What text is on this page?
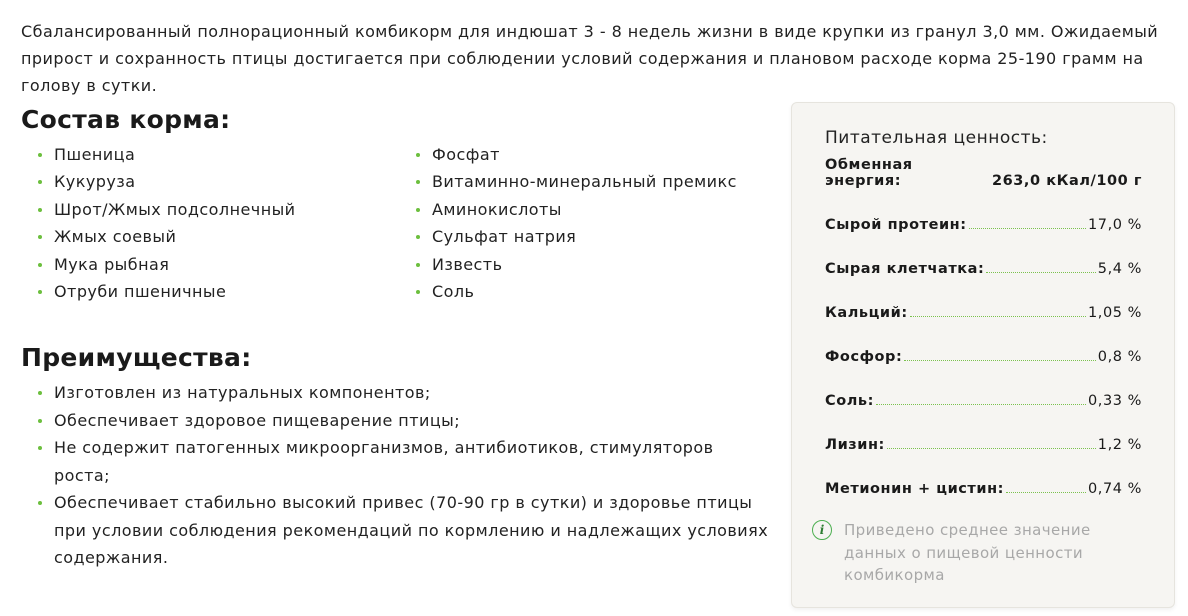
Сбалансированный полнорационный комбикорм для индюшат 3 - 8 недель жизни в виде крупки из гранул 3,0 мм. Ожидаемый прирост и сохранность птицы достигается при соблюдении условий содержания и плановом расходе корма 25-190 грамм на голову в сутки.

Состав корма:
Пшеница
Кукуруза
Шрот/Жмых подсолнечный
Жмых соевый
Мука рыбная
Отруби пшеничные
Фосфат
Витаминно-минеральный премикс
Аминокислоты
Сульфат натрия
Известь
Соль
Преимущества:
Изготовлен из натуральных компонентов;
Обеспечивает здоровое пищеварение птицы;
Не содержит патогенных микроорганизмов, антибиотиков, стимуляторов роста;
Обеспечивает стабильно высокий привес (70-90 гр в сутки) и здоровье птицы при условии соблюдения рекомендаций по кормлению и надлежащих условиях содержания.
Питательная ценность:
Обменная энергия:	263,0 кКал/100 г
Сырой протеин:	17,0 %
Сырая клетчатка:	5,4 %
Кальций:	1,05 %
Фосфор:	0,8 %
Соль:	0,33 %
Лизин:	1,2 %
Метионин + цистин:	0,74 %
i	Приведено среднее значение данных о пищевой ценности комбикорма
